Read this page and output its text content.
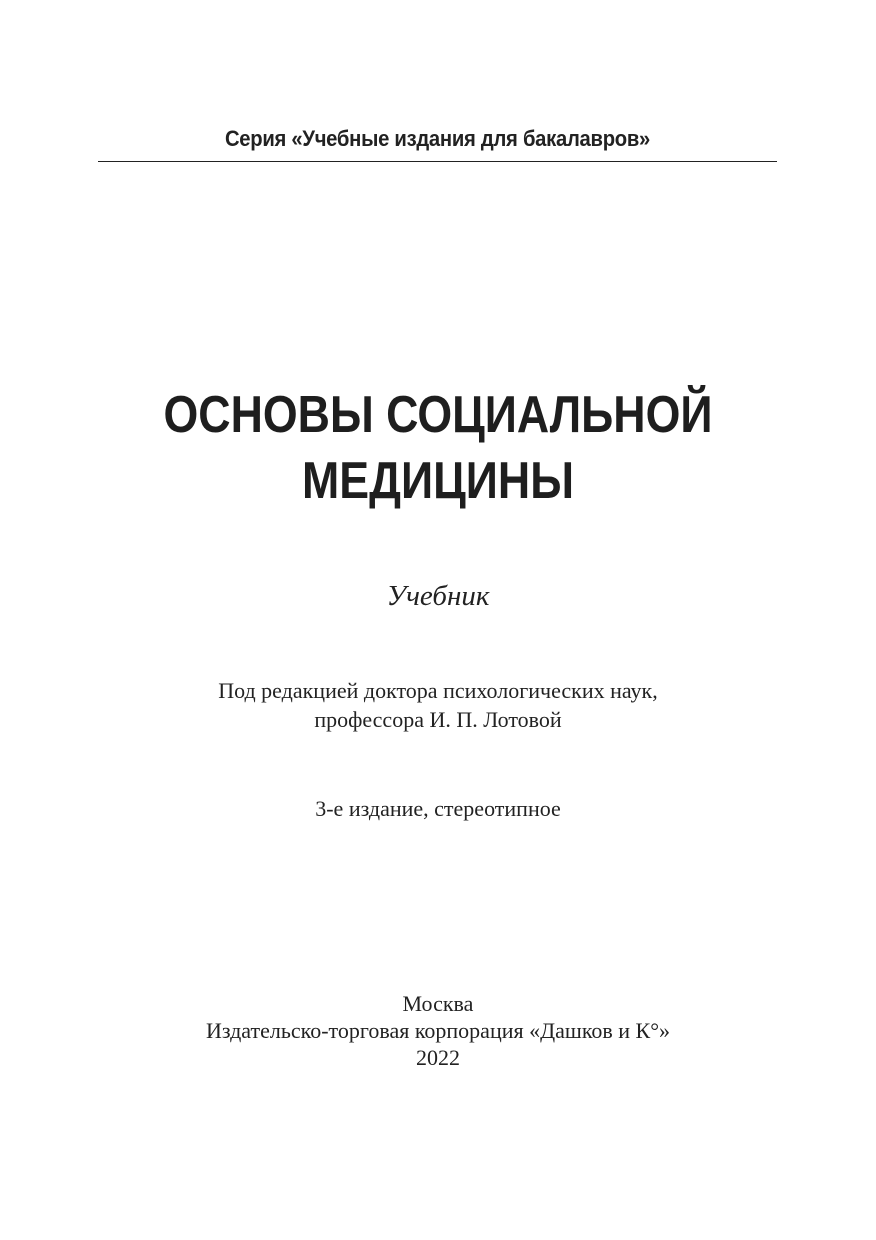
Серия «Учебные издания для бакалавров»
ОСНОВЫ СОЦИАЛЬНОЙ
МЕДИЦИНЫ
Учебник
Под редакцией доктора психологических наук,
профессора И. П. Лотовой
3-е издание, стереотипное
Москва
Издательско-торговая корпорация «Дашков и К°»
2022
